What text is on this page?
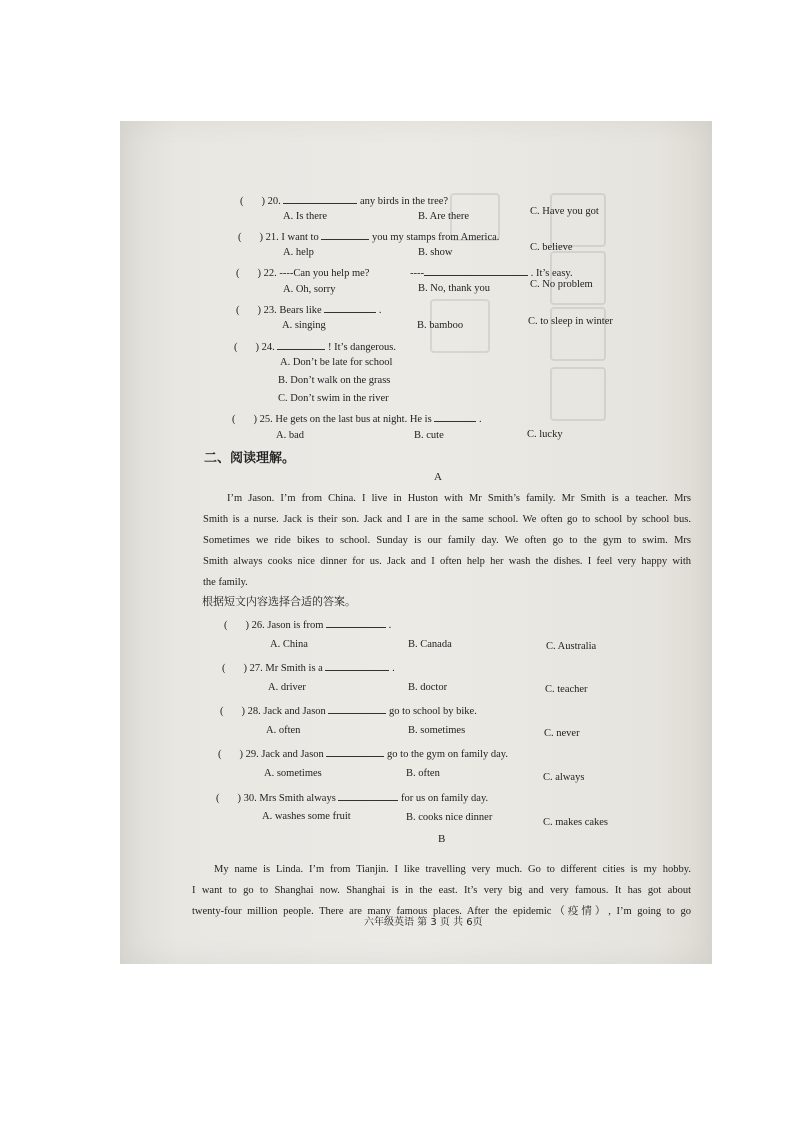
( ) 20.	any birds in the tree?
A. Is there	B. Are there	C. Have you got
( ) 21. I want to	you my stamps from America.
A. help	B. show	C. believe
( ) 22. ----Can you help me?	----	. It’s easy.
A. Oh, sorry	B. No, thank you	C. No problem
( ) 23. Bears like	.
A. singing	B. bamboo	C. to sleep in winter
( ) 24.	! It’s dangerous.
A. Don’t be late for school
B. Don’t walk on the grass
C. Don’t swim in the river
( ) 25. He gets on the last bus at night. He is	.
A. bad	B. cute	C. lucky
二、阅读理解。
A
I’m Jason. I’m from China. I live in Huston with Mr Smith’s family. Mr Smith is a teacher. Mrs
Smith is a nurse. Jack is their son. Jack and I are in the same school. We often go to school by school bus.
Sometimes we ride bikes to school. Sunday is our family day. We often go to the gym to swim. Mrs
Smith always cooks nice dinner for us. Jack and I often help her wash the dishes. I feel very happy with
the family.
根据短文内容选择合适的答案。
( ) 26. Jason is from	.
A. China	B. Canada	C. Australia
( ) 27. Mr Smith is a	.
A. driver	B. doctor	C. teacher
( ) 28. Jack and Jason	go to school by bike.
A. often	B. sometimes	C. never
( ) 29. Jack and Jason	go to the gym on family day.
A. sometimes	B. often	C. always
( ) 30. Mrs Smith always	for us on family day.
A. washes some fruit	B. cooks nice dinner	C. makes cakes
B
My name is Linda. I’m from Tianjin. I like travelling very much. Go to different cities is my hobby.
I want to go to Shanghai now. Shanghai is in the east. It’s very big and very famous. It has got about
twenty-four million people. There are many famous places. After the epidemic（疫情）, I’m going to go
六年级英语 第 3 页 共 6页
